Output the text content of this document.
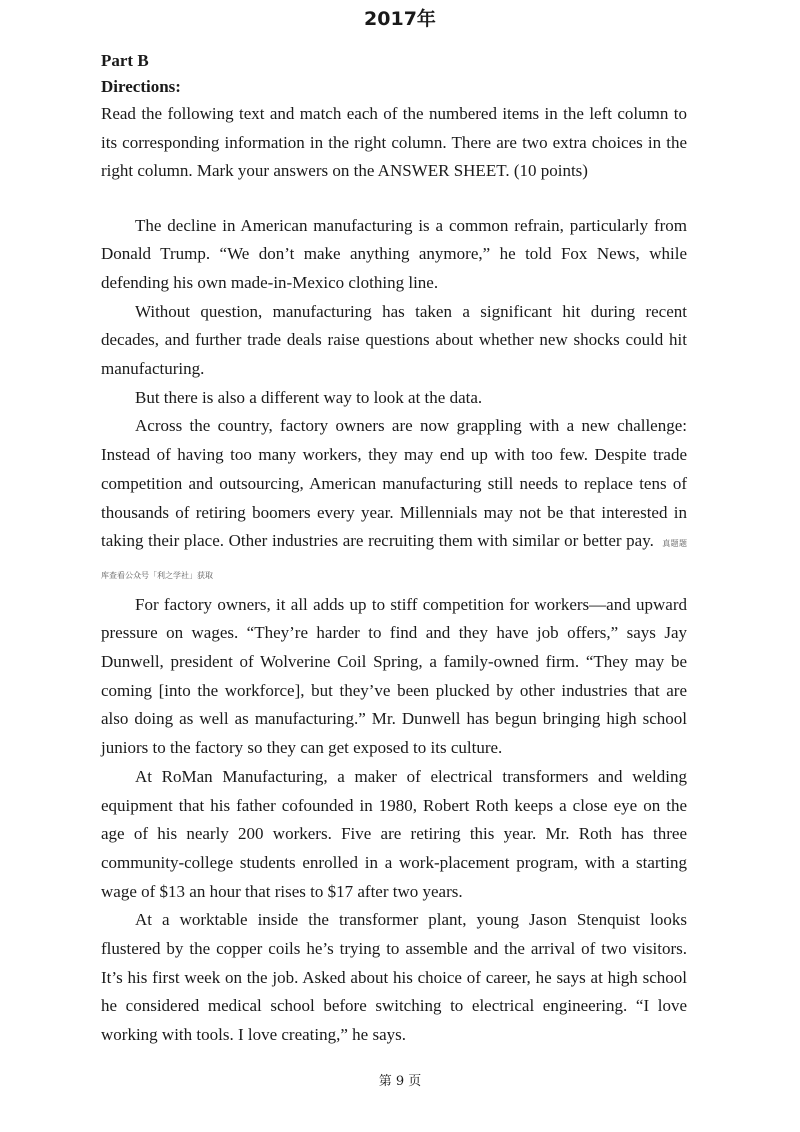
2017年
Part B
Directions:

Read the following text and match each of the numbered items in the left column to its corresponding information in the right column. There are two extra choices in the right column. Mark your answers on the ANSWER SHEET. (10 points)

The decline in American manufacturing is a common refrain, particularly from Donald Trump. “We don’t make anything anymore,” he told Fox News, while defending his own made-in-Mexico clothing line.

Without question, manufacturing has taken a significant hit during recent decades, and further trade deals raise questions about whether new shocks could hit manufacturing.

But there is also a different way to look at the data.

Across the country, factory owners are now grappling with a new challenge: Instead of having too many workers, they may end up with too few. Despite trade competition and outsourcing, American manufacturing still needs to replace tens of thousands of retiring boomers every year. Millennials may not be that interested in taking their place. Other industries are recruiting them with similar or better pay. 真题题库查看公众号「利之学社」获取

For factory owners, it all adds up to stiff competition for workers—and upward pressure on wages. “They’re harder to find and they have job offers,” says Jay Dunwell, president of Wolverine Coil Spring, a family-owned firm. “They may be coming [into the workforce], but they’ve been plucked by other industries that are also doing as well as manufacturing.” Mr. Dunwell has begun bringing high school juniors to the factory so they can get exposed to its culture.

At RoMan Manufacturing, a maker of electrical transformers and welding equipment that his father cofounded in 1980, Robert Roth keeps a close eye on the age of his nearly 200 workers. Five are retiring this year. Mr. Roth has three community-college students enrolled in a work-placement program, with a starting wage of $13 an hour that rises to $17 after two years.

At a worktable inside the transformer plant, young Jason Stenquist looks flustered by the copper coils he’s trying to assemble and the arrival of two visitors. It’s his first week on the job. Asked about his choice of career, he says at high school he considered medical school before switching to electrical engineering. “I love working with tools. I love creating,” he says.

第 9 页
